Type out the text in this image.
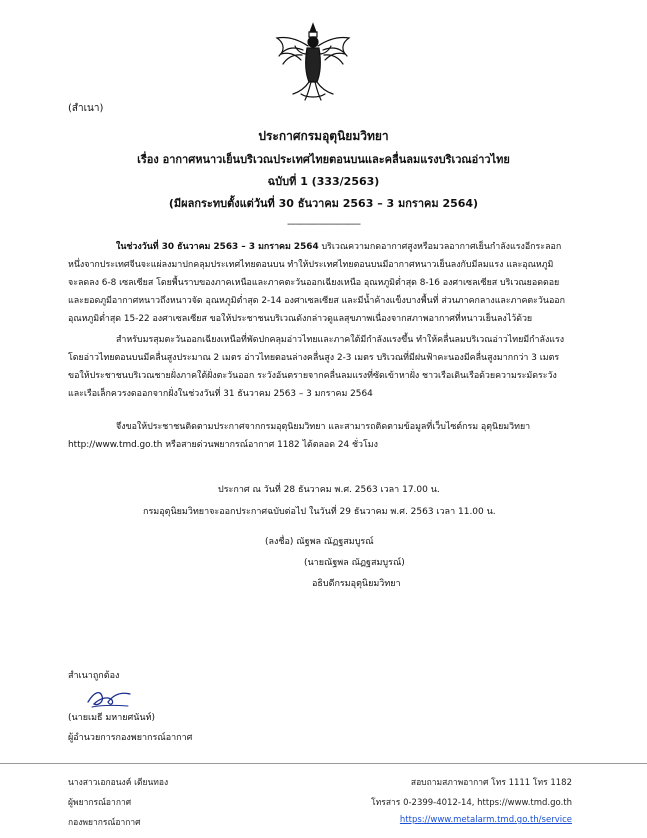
(สำเนา)
ประกาศกรมอุตุนิยมวิทยา
เรื่อง อากาศหนาวเย็นบริเวณประเทศไทยตอนบนและคลื่นลมแรงบริเวณอ่าวไทย
ฉบับที่ 1 (333/2563)
(มีผลกระทบตั้งแต่วันที่ 30 ธันวาคม 2563 – 3 มกราคม 2564)
----------------------------
ในช่วงวันที่ 30 ธันวาคม 2563 – 3 มกราคม 2564 บริเวณความกดอากาศสูงหรือมวลอากาศเย็นกำลังแรงอีกระลอก
หนึ่งจากประเทศจีนจะแผ่ลงมาปกคลุมประเทศไทยตอนบน ทำให้ประเทศไทยตอนบนมีอากาศหนาวเย็นลงกับมีลมแรง และอุณหภูมิ
จะลดลง 6-8 เซลเซียส โดยพื้นราบของภาคเหนือและภาคตะวันออกเฉียงเหนือ อุณหภูมิต่ำสุด 8-16 องศาเซลเซียส บริเวณยอดดอย
และยอดภูมีอากาศหนาวถึงหนาวจัด อุณหภูมิต่ำสุด 2-14 องศาเซลเซียส และมีน้ำค้างแข็งบางพื้นที่ ส่วนภาคกลางและภาคตะวันออก
อุณหภูมิต่ำสุด 15-22 องศาเซลเซียส ขอให้ประชาชนบริเวณดังกล่าวดูแลสุขภาพเนื่องจากสภาพอากาศที่หนาวเย็นลงไว้ด้วย
สำหรับมรสุมตะวันออกเฉียงเหนือที่พัดปกคลุมอ่าวไทยและภาคใต้มีกำลังแรงขึ้น ทำให้คลื่นลมบริเวณอ่าวไทยมีกำลังแรง
โดยอ่าวไทยตอนบนมีคลื่นสูงประมาณ 2 เมตร อ่าวไทยตอนล่างคลื่นสูง 2-3 เมตร บริเวณที่มีฝนฟ้าคะนองมีคลื่นสูงมากกว่า 3 เมตร
ขอให้ประชาชนบริเวณชายฝั่งภาคใต้ฝั่งตะวันออก ระวังอันตรายจากคลื่นลมแรงที่ซัดเข้าหาฝั่ง ชาวเรือเดินเรือด้วยความระมัดระวัง
และเรือเล็กควรงดออกจากฝั่งในช่วงวันที่ 31 ธันวาคม 2563 – 3 มกราคม 2564
จึงขอให้ประชาชนติดตามประกาศจากกรมอุตุนิยมวิทยา และสามารถติดตามข้อมูลที่เว็บไซต์กรม อุตุนิยมวิทยา
http://www.tmd.go.th หรือสายด่วนพยากรณ์อากาศ 1182 ได้ตลอด 24 ชั่วโมง
ประกาศ ณ วันที่ 28 ธันวาคม พ.ศ. 2563 เวลา 17.00 น.
กรมอุตุนิยมวิทยาจะออกประกาศฉบับต่อไป ในวันที่ 29 ธันวาคม พ.ศ. 2563 เวลา 11.00 น.
(ลงชื่อ) ณัฐพล ณัฏฐสมบูรณ์
(นายณัฐพล ณัฏฐสมบูรณ์)
อธิบดีกรมอุตุนิยมวิทยา
สำเนาถูกต้อง
(นายเมธี มหายศนันท์)
ผู้อำนวยการกองพยากรณ์อากาศ
นางสาวเอกอนงค์ เตียนทอง
ผู้พยากรณ์อากาศ
กองพยากรณ์อากาศ
สอบถามสภาพอากาศ โทร 1111 โทร 1182
โทรสาร 0-2399-4012-14, https://www.tmd.go.th
https://www.metalarm.tmd.go.th/service
